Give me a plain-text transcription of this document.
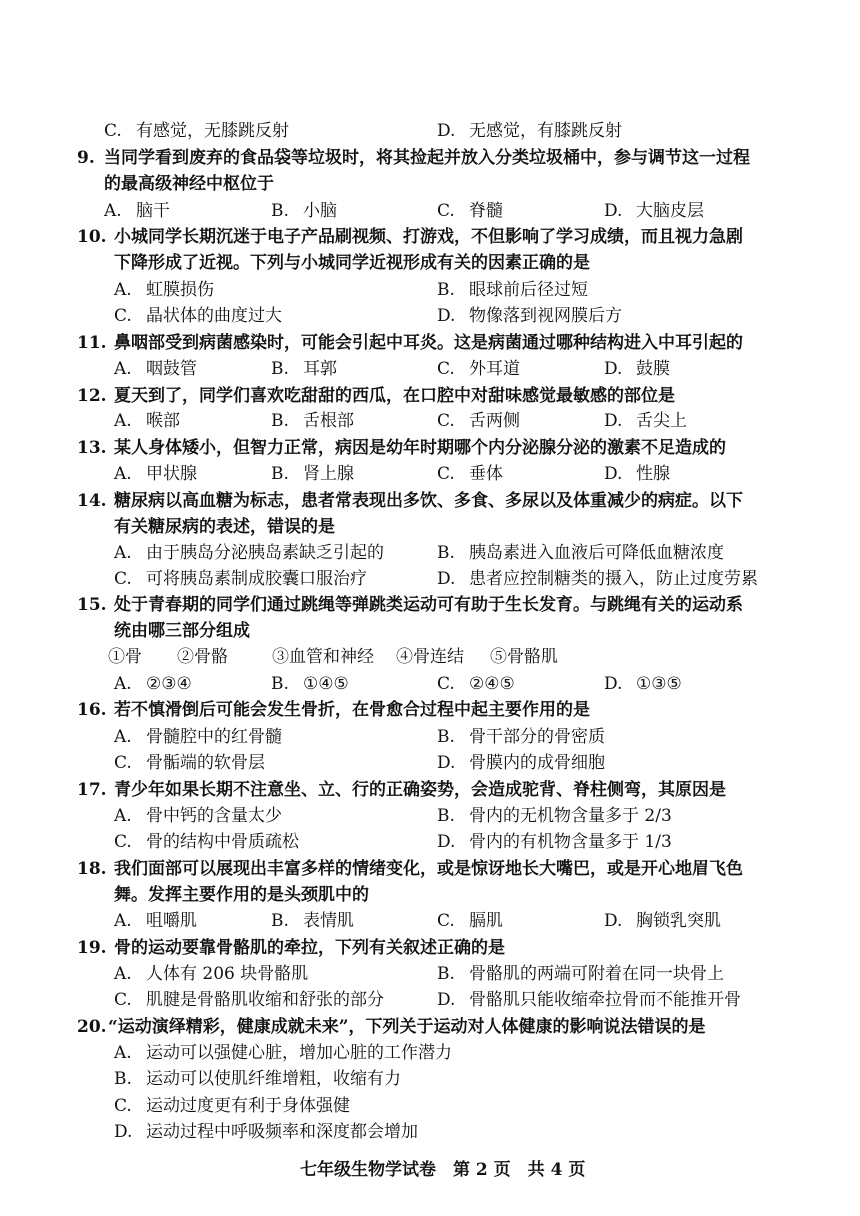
C. 有感觉，无膝跳反射	D. 无感觉，有膝跳反射
9. 当同学看到废弃的食品袋等垃圾时，将其捡起并放入分类垃圾桶中，参与调节这一过程
的最高级神经中枢位于
A. 脑干	B. 小脑	C. 脊髓	D. 大脑皮层
10. 小城同学长期沉迷于电子产品刷视频、打游戏，不但影响了学习成绩，而且视力急剧
下降形成了近视。下列与小城同学近视形成有关的因素正确的是
A. 虹膜损伤	B. 眼球前后径过短
C. 晶状体的曲度过大	D. 物像落到视网膜后方
11. 鼻咽部受到病菌感染时，可能会引起中耳炎。这是病菌通过哪种结构进入中耳引起的
A. 咽鼓管	B. 耳郭	C. 外耳道	D. 鼓膜
12. 夏天到了，同学们喜欢吃甜甜的西瓜，在口腔中对甜味感觉最敏感的部位是
A. 喉部	B. 舌根部	C. 舌两侧	D. 舌尖上
13. 某人身体矮小，但智力正常，病因是幼年时期哪个内分泌腺分泌的激素不足造成的
A. 甲状腺	B. 肾上腺	C. 垂体	D. 性腺
14. 糖尿病以高血糖为标志，患者常表现出多饮、多食、多尿以及体重减少的病症。以下
有关糖尿病的表述，错误的是
A. 由于胰岛分泌胰岛素缺乏引起的	B. 胰岛素进入血液后可降低血糖浓度
C. 可将胰岛素制成胶囊口服治疗	D. 患者应控制糖类的摄入，防止过度劳累
15. 处于青春期的同学们通过跳绳等弹跳类运动可有助于生长发育。与跳绳有关的运动系
统由哪三部分组成
①骨 ②骨骼	③血管和神经 ④骨连结 ⑤骨骼肌
A. ②③④	B. ①④⑤	C. ②④⑤	D. ①③⑤
16. 若不慎滑倒后可能会发生骨折，在骨愈合过程中起主要作用的是
A. 骨髓腔中的红骨髓	B. 骨干部分的骨密质
C. 骨骺端的软骨层	D. 骨膜内的成骨细胞
17. 青少年如果长期不注意坐、立、行的正确姿势，会造成驼背、脊柱侧弯，其原因是
A. 骨中钙的含量太少	B. 骨内的无机物含量多于 2/3
C. 骨的结构中骨质疏松	D. 骨内的有机物含量多于 1/3
18. 我们面部可以展现出丰富多样的情绪变化，或是惊讶地长大嘴巴，或是开心地眉飞色
舞。发挥主要作用的是头颈肌中的
A. 咀嚼肌	B. 表情肌	C. 膈肌	D. 胸锁乳突肌
19. 骨的运动要靠骨骼肌的牵拉，下列有关叙述正确的是
A. 人体有 206 块骨骼肌	B. 骨骼肌的两端可附着在同一块骨上
C. 肌腱是骨骼肌收缩和舒张的部分	D. 骨骼肌只能收缩牵拉骨而不能推开骨
20. “运动演绎精彩，健康成就未来”，下列关于运动对人体健康的影响说法错误的是
A. 运动可以强健心脏，增加心脏的工作潜力
B. 运动可以使肌纤维增粗，收缩有力
C. 运动过度更有利于身体强健
D. 运动过程中呼吸频率和深度都会增加
七年级生物学试卷　第 2 页　共 4 页
